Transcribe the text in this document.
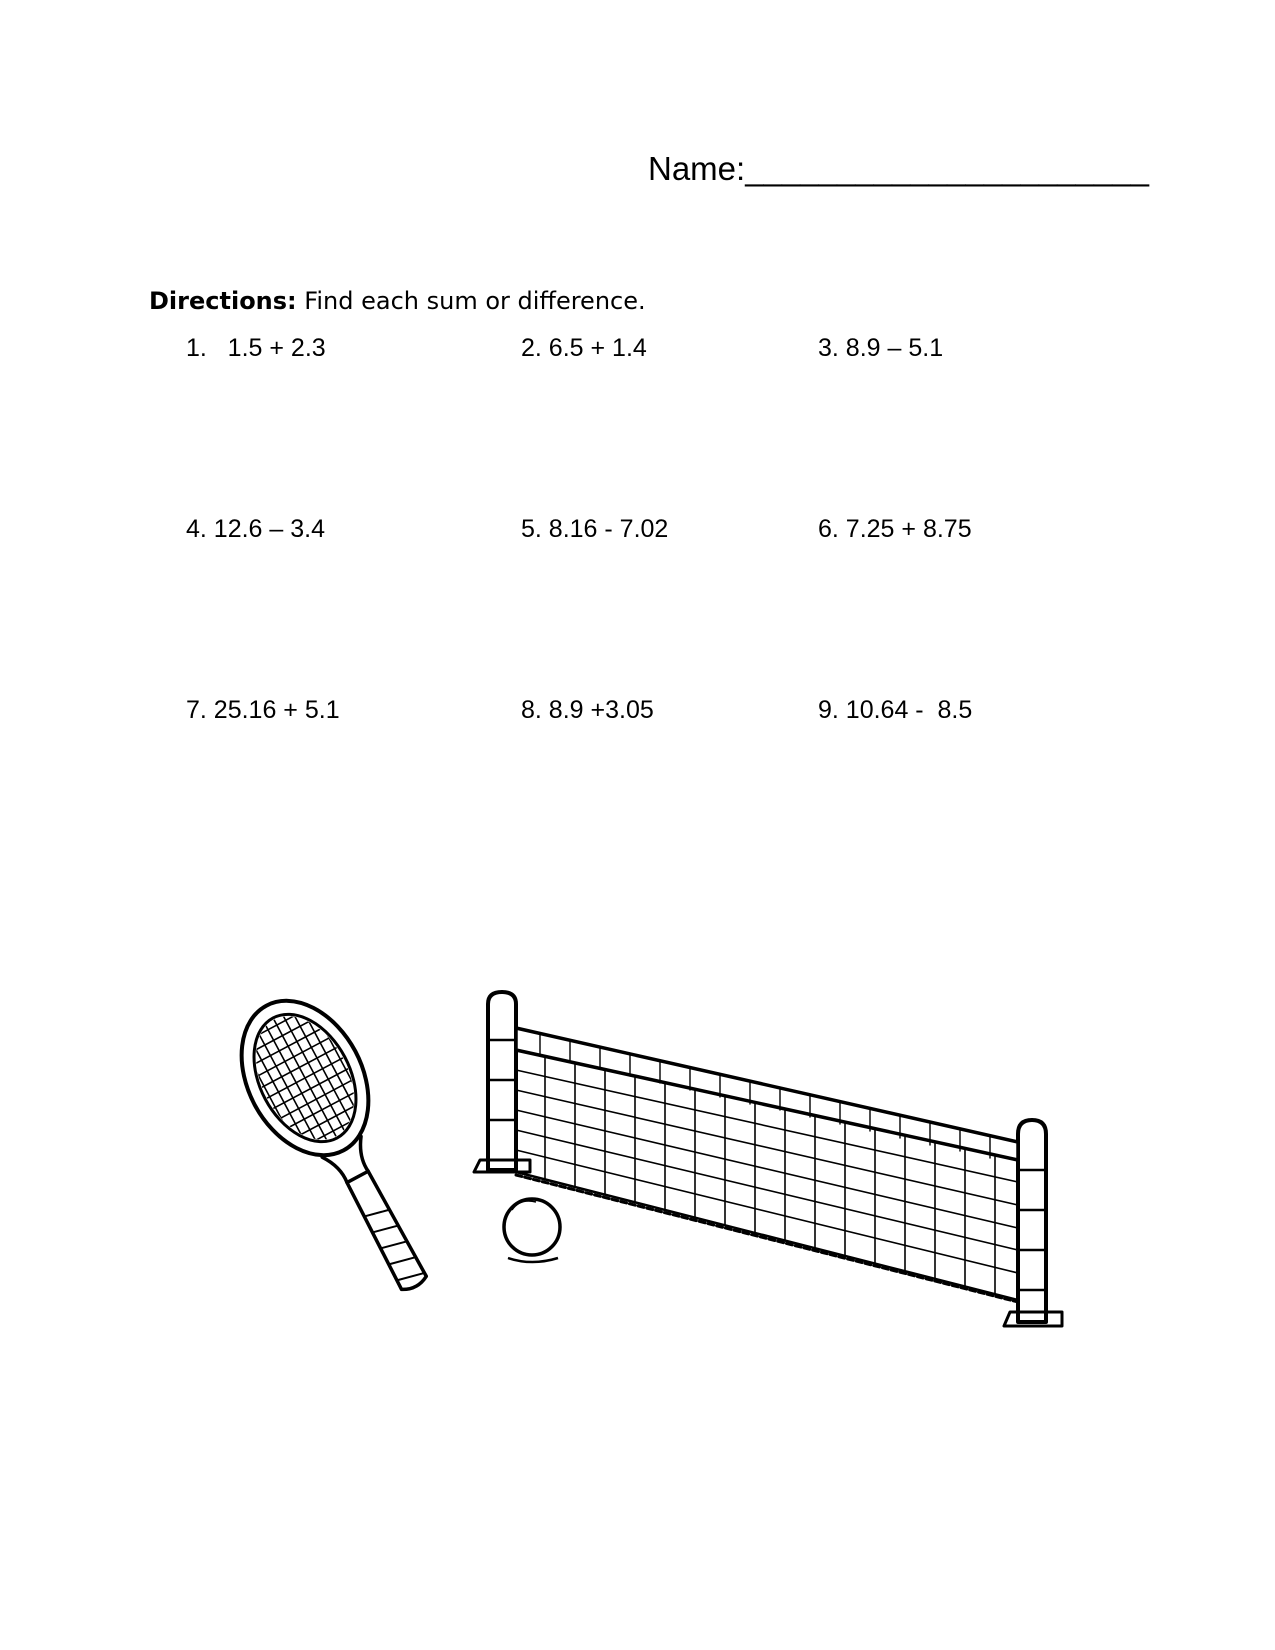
Name:______________________
Directions: Find each sum or difference.
1.   1.5 + 2.3	2. 6.5 + 1.4	3. 8.9 – 5.1
4. 12.6 – 3.4	5. 8.16 - 7.02	6. 7.25 + 8.75
7. 25.16 + 5.1	8. 8.9 +3.05	9. 10.64 -  8.5
